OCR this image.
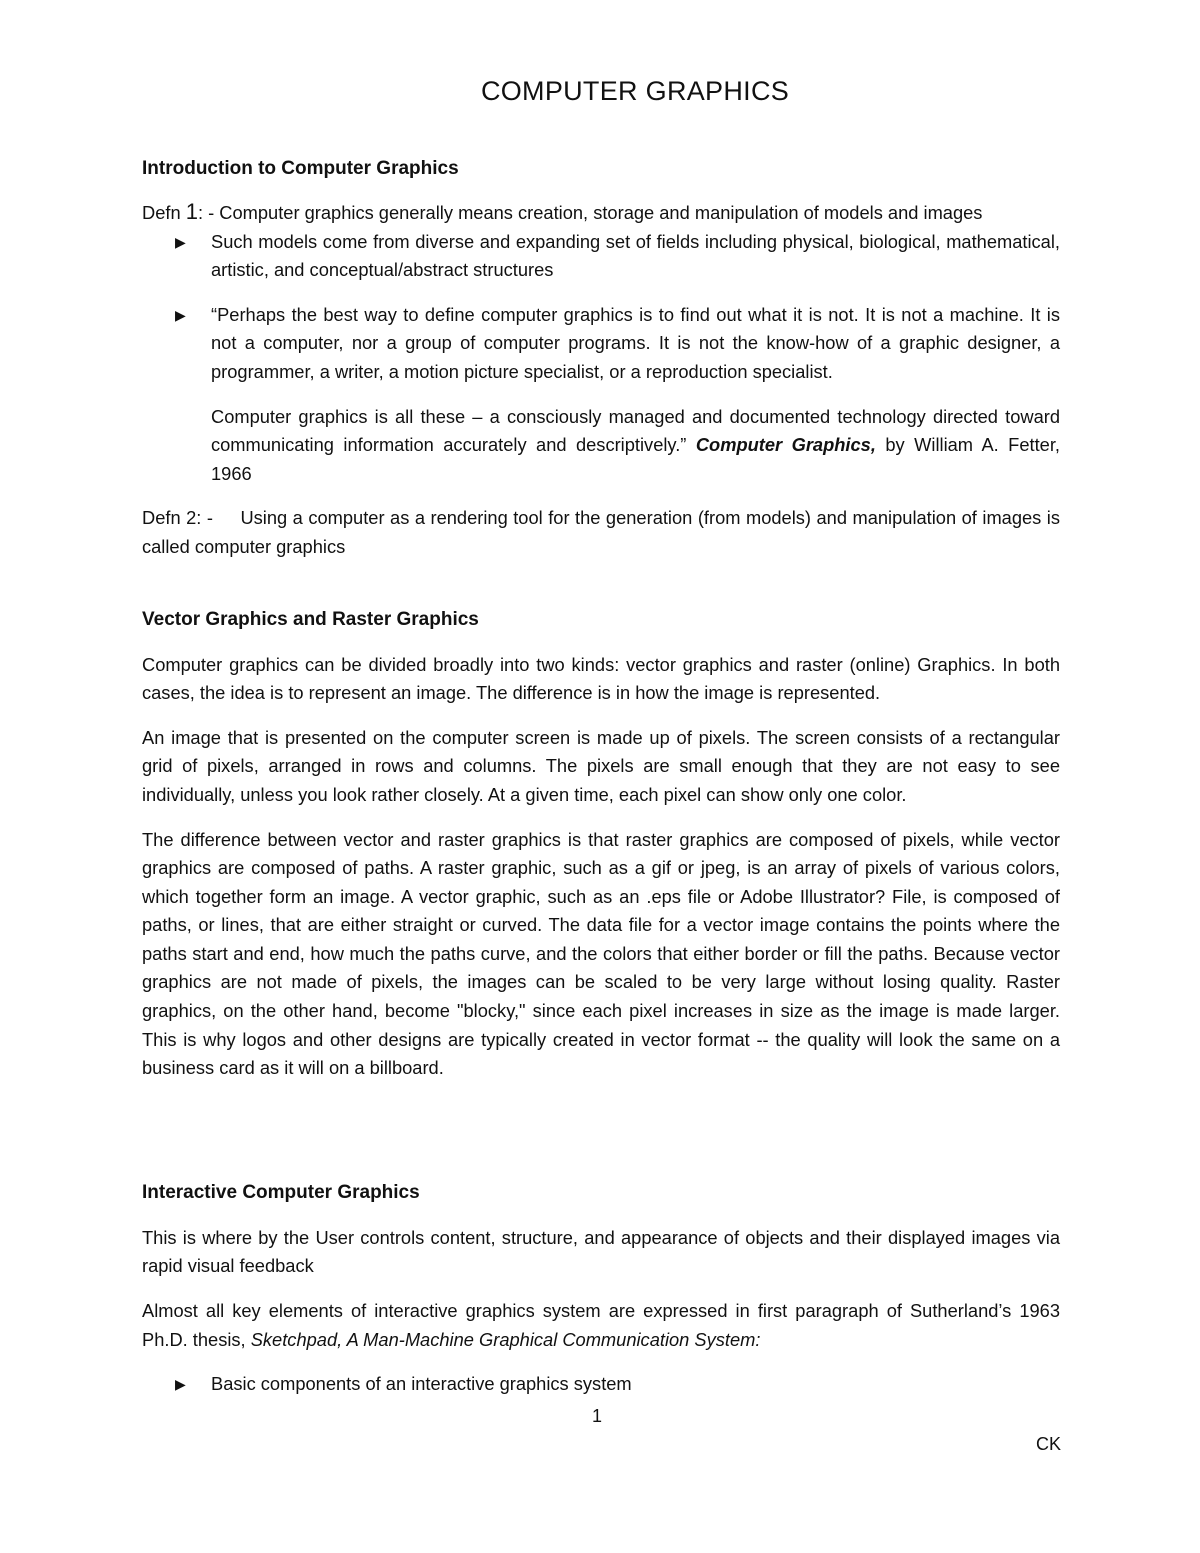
COMPUTER GRAPHICS
Introduction to Computer Graphics

Defn 1: - Computer graphics generally means creation, storage and manipulation of models and images

▶ Such models come from diverse and expanding set of fields including physical, biological, mathematical, artistic, and conceptual/abstract structures
▶ “Perhaps the best way to define computer graphics is to find out what it is not. It is not a machine. It is not a computer, nor a group of computer programs. It is not the know-how of a graphic designer, a programmer, a writer, a motion picture specialist, or a reproduction specialist.
Computer graphics is all these – a consciously managed and documented technology directed toward communicating information accurately and descriptively.” Computer Graphics, by William A. Fetter, 1966

Defn 2: - Using a computer as a rendering tool for the generation (from models) and manipulation of images is called computer graphics

Vector Graphics and Raster Graphics

Computer graphics can be divided broadly into two kinds: vector graphics and raster (online) Graphics. In both cases, the idea is to represent an image. The difference is in how the image is represented.

An image that is presented on the computer screen is made up of pixels. The screen consists of a rectangular grid of pixels, arranged in rows and columns. The pixels are small enough that they are not easy to see individually, unless you look rather closely. At a given time, each pixel can show only one color.

The difference between vector and raster graphics is that raster graphics are composed of pixels, while vector graphics are composed of paths. A raster graphic, such as a gif or jpeg, is an array of pixels of various colors, which together form an image. A vector graphic, such as an .eps file or Adobe Illustrator? File, is composed of paths, or lines, that are either straight or curved. The data file for a vector image contains the points where the paths start and end, how much the paths curve, and the colors that either border or fill the paths. Because vector graphics are not made of pixels, the images can be scaled to be very large without losing quality. Raster graphics, on the other hand, become "blocky," since each pixel increases in size as the image is made larger. This is why logos and other designs are typically created in vector format -- the quality will look the same on a business card as it will on a billboard.

Interactive Computer Graphics

This is where by the User controls content, structure, and appearance of objects and their displayed images via rapid visual feedback

Almost all key elements of interactive graphics system are expressed in first paragraph of Sutherland’s 1963 Ph.D. thesis, Sketchpad, A Man-Machine Graphical Communication System:

▶ Basic components of an interactive graphics system
1
CK
